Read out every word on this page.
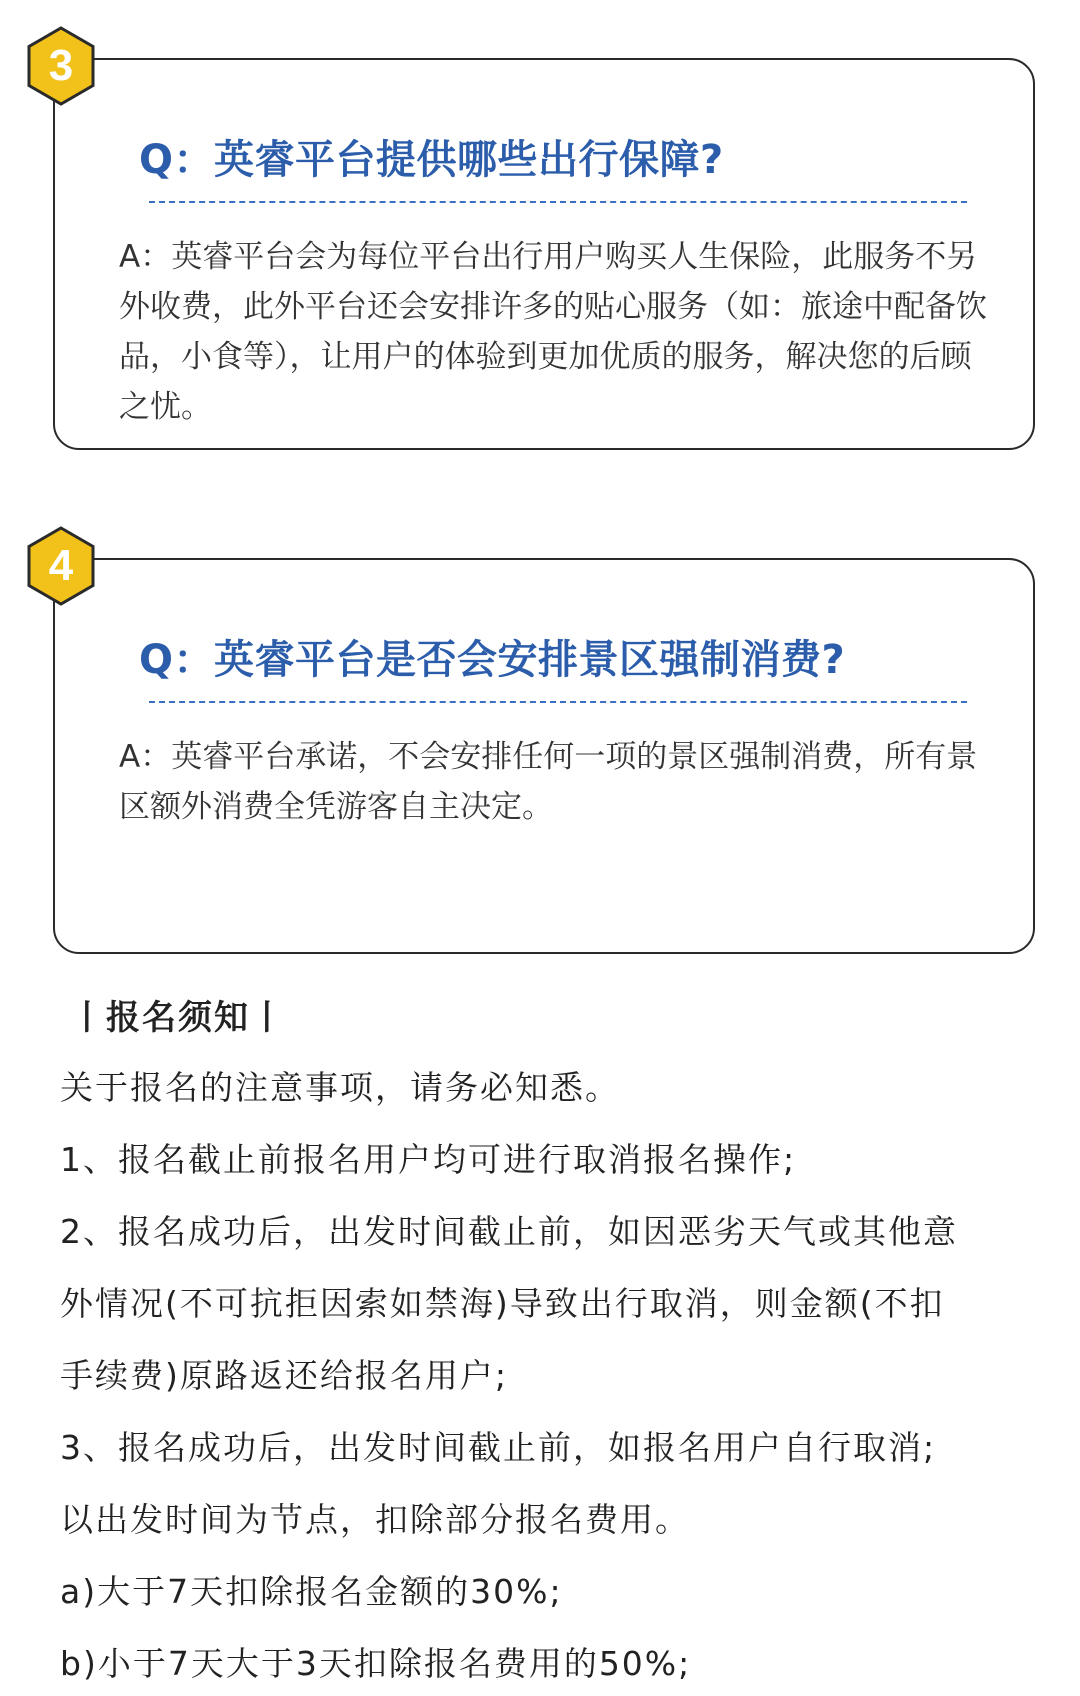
Q：英睿平台提供哪些出行保障?

A：英睿平台会为每位平台出行用户购买人生保险，此服务不另外收费，此外平台还会安排许多的贴心服务（如：旅途中配备饮品，小食等），让用户的体验到更加优质的服务，解决您的后顾之忧。

3
Q：英睿平台是否会安排景区强制消费?

A：英睿平台承诺，不会安排任何一项的景区强制消费，所有景区额外消费全凭游客自主决定。

4
丨报名须知丨
关于报名的注意事项，请务必知悉。
1、报名截止前报名用户均可进行取消报名操作;
2、报名成功后，出发时间截止前，如因恶劣天气或其他意
外情况(不可抗拒因索如禁海)导致出行取消，则金额(不扣
手续费)原路返还给报名用户;
3、报名成功后，出发时间截止前，如报名用户自行取消;
以出发时间为节点，扣除部分报名费用。
a)大于7天扣除报名金额的30%;
b)小于7天大于3天扣除报名费用的50%;
